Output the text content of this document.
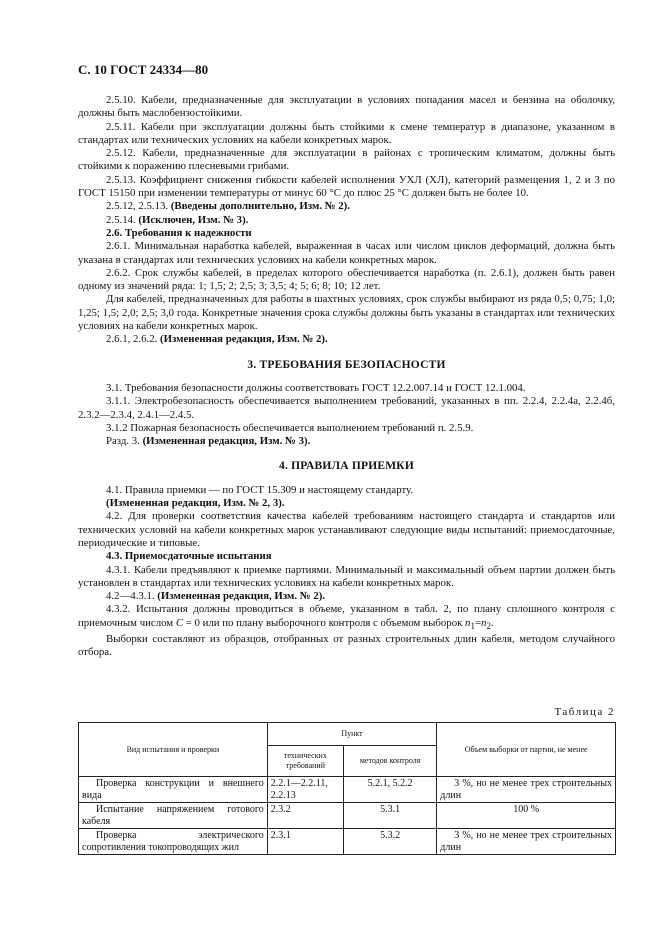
С. 10 ГОСТ 24334—80

2.5.10. Кабели, предназначенные для эксплуатации в условиях попадания масел и бензина на оболочку, должны быть маслобензостойкими.

2.5.11. Кабели при эксплуатации должны быть стойкими к смене температур в диапазоне, указанном в стандартах или технических условиях на кабели конкретных марок.

2.5.12. Кабели, предназначенные для эксплуатации в районах с тропическим климатом, должны быть стойкими к поражению плесневыми грибами.

2.5.13. Коэффициент снижения гибкости кабелей исполнения УХЛ (ХЛ), категорий размещения 1, 2 и 3 по ГОСТ 15150 при изменении температуры от минус 60 °С до плюс 25 °С должен быть не более 10.

2.5.12, 2.5.13. (Введены дополнительно, Изм. № 2).

2.5.14. (Исключен, Изм. № 3).

2.6. Требования к надежности

2.6.1. Минимальная наработка кабелей, выраженная в часах или числом циклов деформаций, должна быть указана в стандартах или технических условиях на кабели конкретных марок.

2.6.2. Срок службы кабелей, в пределах которого обеспечивается наработка (п. 2.6.1), должен быть равен одному из значений ряда: 1; 1,5; 2; 2,5; 3; 3,5; 4; 5; 6; 8; 10; 12 лет.

Для кабелей, предназначенных для работы в шахтных условиях, срок службы выбирают из ряда 0,5; 0,75; 1,0; 1,25; 1,5; 2,0; 2,5; 3,0 года. Конкретные значения срока службы должны быть указаны в стандартах или технических условиях на кабели конкретных марок.

2.6.1, 2.6.2. (Измененная редакция, Изм. № 2).

3. ТРЕБОВАНИЯ БЕЗОПАСНОСТИ

3.1. Требования безопасности должны соответствовать ГОСТ 12.2.007.14 и ГОСТ 12.1.004.

3.1.1. Электробезопасность обеспечивается выполнением требований, указанных в пп. 2.2.4, 2.2.4а, 2.2.4б, 2.3.2—2.3.4, 2.4.1—2.4.5.

3.1.2 Пожарная безопасность обеспечивается выполнением требований п. 2.5.9.

Разд. 3. (Измененная редакция, Изм. № 3).

4. ПРАВИЛА ПРИЕМКИ

4.1. Правила приемки — по ГОСТ 15.309 и настоящему стандарту.

(Измененная редакция, Изм. № 2, 3).

4.2. Для проверки соответствия качества кабелей требованиям настоящего стандарта и стандартов или технических условий на кабели конкретных марок устанавливают следующие виды испытаний: приемосдаточные, периодические и типовые.

4.3. Приемосдаточные испытания

4.3.1. Кабели предъявляют к приемке партиями. Минимальный и максимальный объем партии должен быть установлен в стандартах или технических условиях на кабели конкретных марок.

4.2—4.3.1. (Измененная редакция, Изм. № 2).

4.3.2. Испытания должны проводиться в объеме, указанном в табл. 2, по плану сплошного контроля с приемочным числом C = 0 или по плану выборочного контроля с объемом выборок $n_1=n_2$.

Выборки составляют из образцов, отобранных от разных строительных длин кабеля, методом случайного отбора.

Таблица 2
Вид испытания и проверки	Пункт		Объем выборки от партии, не менее
	технических требований	методов контроля	
Проверка конструкции и внешнего вида	2.2.1—2.2.11, 2.2.13	5.2.1, 5.2.2	3 %, но не менее трех строительных длин
Испытание напряжением готового кабеля	2.3.2	5.3.1	100 %
Проверка электрического сопротивления токопроводящих жил	2.3.1	5.3.2	3 %, но не менее трех строительных длин
